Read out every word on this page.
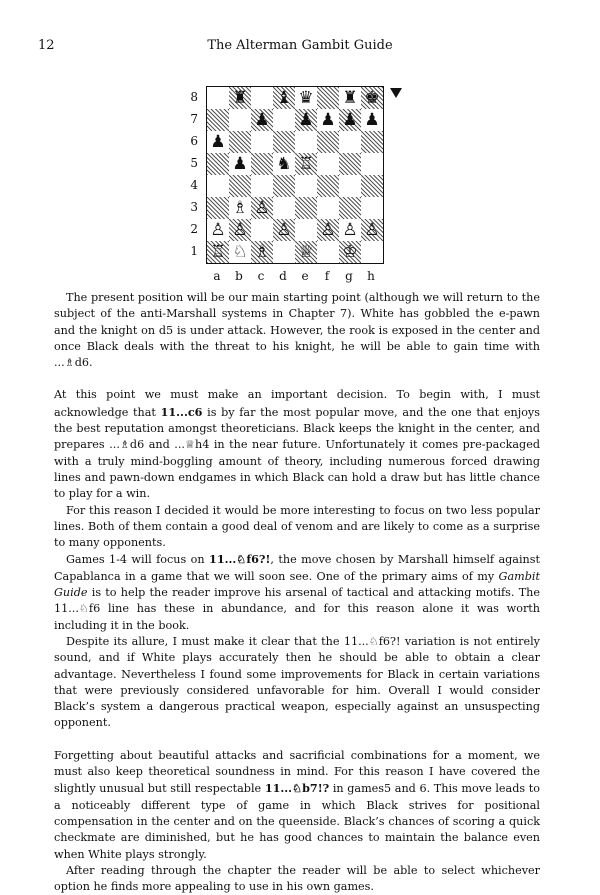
12	The Alterman Gambit Guide
8
7
6
5
4
3
2
1
♜ ♝ ♛ ♜ ♚
♟ ♟ ♟ ♟ ♟
♟
♟ ♞ ♖
♗ ♙
♙ ♙ ♙ ♙ ♙ ♙
♖ ♘ ♗ ♕ ♔
a	b	c	d	e	f	g	h

The present position will be our main starting point (although we will return to the subject of the anti-Marshall systems in Chapter 7). White has gobbled the e-pawn and the knight on d5 is under attack. However, the rook is exposed in the center and once Black deals with the threat to his knight, he will be able to gain time with ...♗d6.

At this point we must make an important decision. To begin with, I must acknowledge that 11...c6 is by far the most popular move, and the one that enjoys the best reputation amongst theoreticians. Black keeps the knight in the center, and prepares ...♗d6 and ...♕h4 in the near future. Unfortunately it comes pre-packaged with a truly mind-boggling amount of theory, including numerous forced drawing lines and pawn-down endgames in which Black can hold a draw but has little chance to play for a win.

For this reason I decided it would be more interesting to focus on two less popular lines. Both of them contain a good deal of venom and are likely to come as a surprise to many opponents.

Games 1-4 will focus on 11...♘f6?!, the move chosen by Marshall himself against Capablanca in a game that we will soon see. One of the primary aims of my Gambit Guide is to help the reader improve his arsenal of tactical and attacking motifs. The 11...♘f6 line has these in abundance, and for this reason alone it was worth including it in the book.

Despite its allure, I must make it clear that the 11...♘f6?! variation is not entirely sound, and if White plays accurately then he should be able to obtain a clear advantage. Nevertheless I found some improvements for Black in certain variations that were previously considered unfavorable for him. Overall I would consider Black’s system a dangerous practical weapon, especially against an unsuspecting opponent.

Forgetting about beautiful attacks and sacrificial combinations for a moment, we must also keep theoretical soundness in mind. For this reason I have covered the slightly unusual but still respectable 11...♘b7!? in games5 and 6. This move leads to a noticeably different type of game in which Black strives for positional compensation in the center and on the queenside. Black’s chances of scoring a quick checkmate are diminished, but he has good chances to maintain the balance even when White plays strongly.

After reading through the chapter the reader will be able to select whichever option he finds more appealing to use in his own games.
